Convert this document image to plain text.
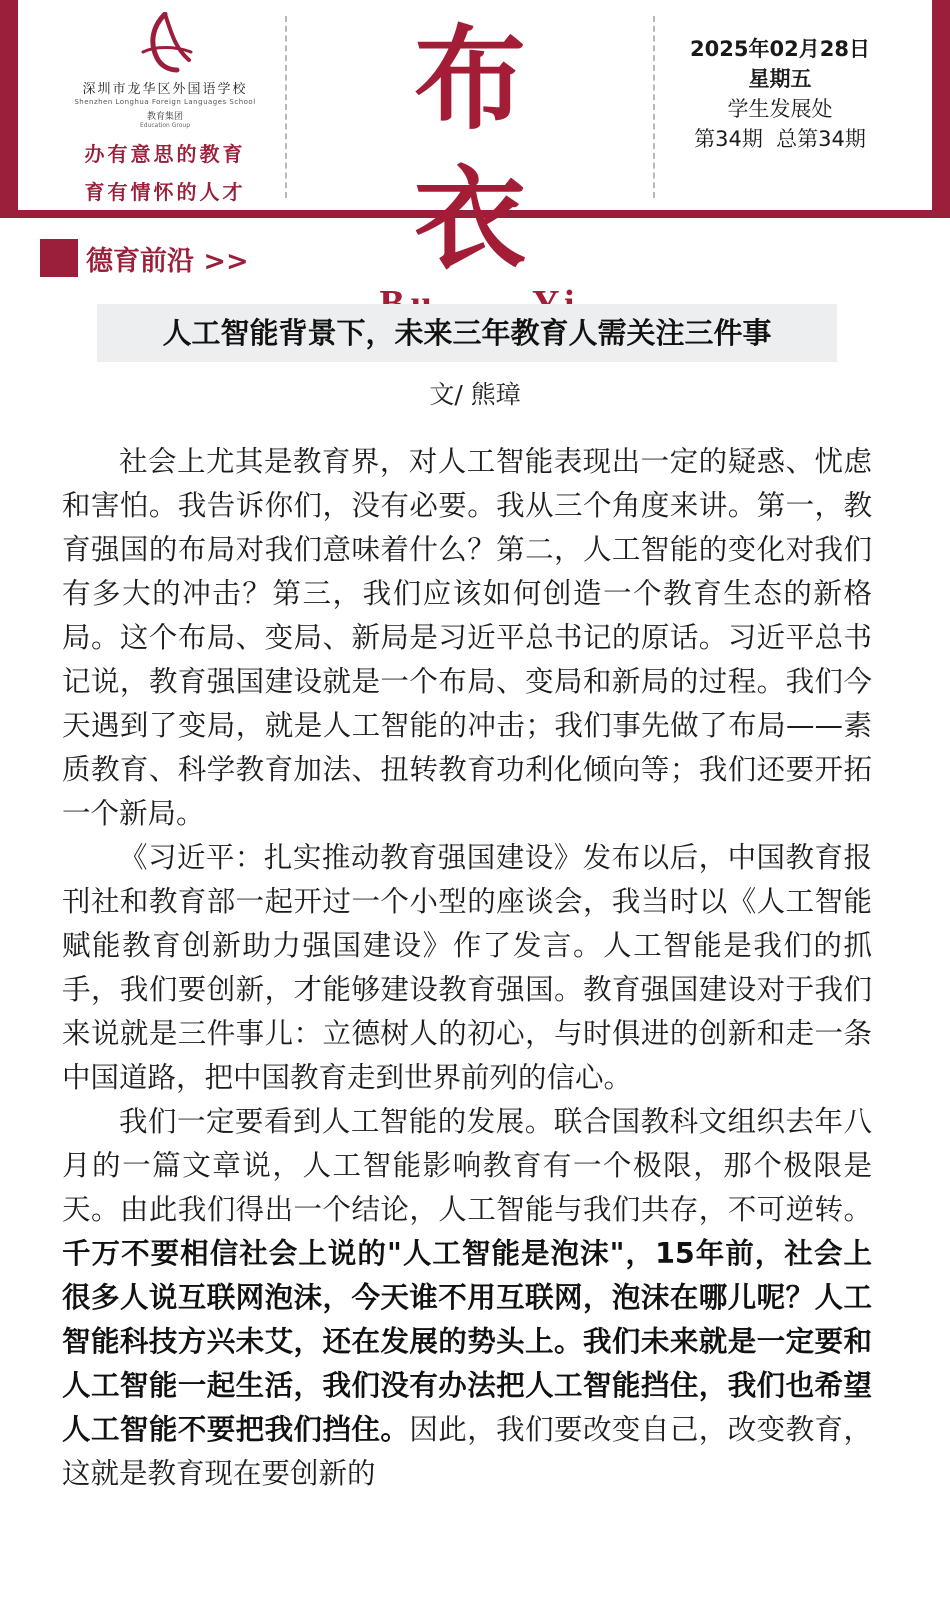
深圳市龙华区外国语学校
Shenzhen Longhua Foreign Languages School
教育集团
Education Group
办有意思的教育
育有情怀的人才
布衣
2025年02月28日
星期五
学生发展处
第34期  总第34期
德育前沿 >>
人工智能背景下，未来三年教育人需关注三件事
文/ 熊璋

社会上尤其是教育界，对人工智能表现出一定的疑惑、忧虑和害怕。我告诉你们，没有必要。我从三个角度来讲。第一，教育强国的布局对我们意味着什么？第二，人工智能的变化对我们有多大的冲击？第三，我们应该如何创造一个教育生态的新格局。这个布局、变局、新局是习近平总书记的原话。习近平总书记说，教育强国建设就是一个布局、变局和新局的过程。我们今天遇到了变局，就是人工智能的冲击；我们事先做了布局——素质教育、科学教育加法、扭转教育功利化倾向等；我们还要开拓一个新局。

《习近平：扎实推动教育强国建设》发布以后，中国教育报刊社和教育部一起开过一个小型的座谈会，我当时以《人工智能赋能教育创新助力强国建设》作了发言。人工智能是我们的抓手，我们要创新，才能够建设教育强国。教育强国建设对于我们来说就是三件事儿：立德树人的初心，与时俱进的创新和走一条中国道路，把中国教育走到世界前列的信心。

我们一定要看到人工智能的发展。联合国教科文组织去年八月的一篇文章说，人工智能影响教育有一个极限，那个极限是天。由此我们得出一个结论，人工智能与我们共存，不可逆转。千万不要相信社会上说的"人工智能是泡沫"，15年前，社会上很多人说互联网泡沫，今天谁不用互联网，泡沫在哪儿呢？人工智能科技方兴未艾，还在发展的势头上。我们未来就是一定要和人工智能一起生活，我们没有办法把人工智能挡住，我们也希望人工智能不要把我们挡住。因此，我们要改变自己，改变教育，这就是教育现在要创新的
